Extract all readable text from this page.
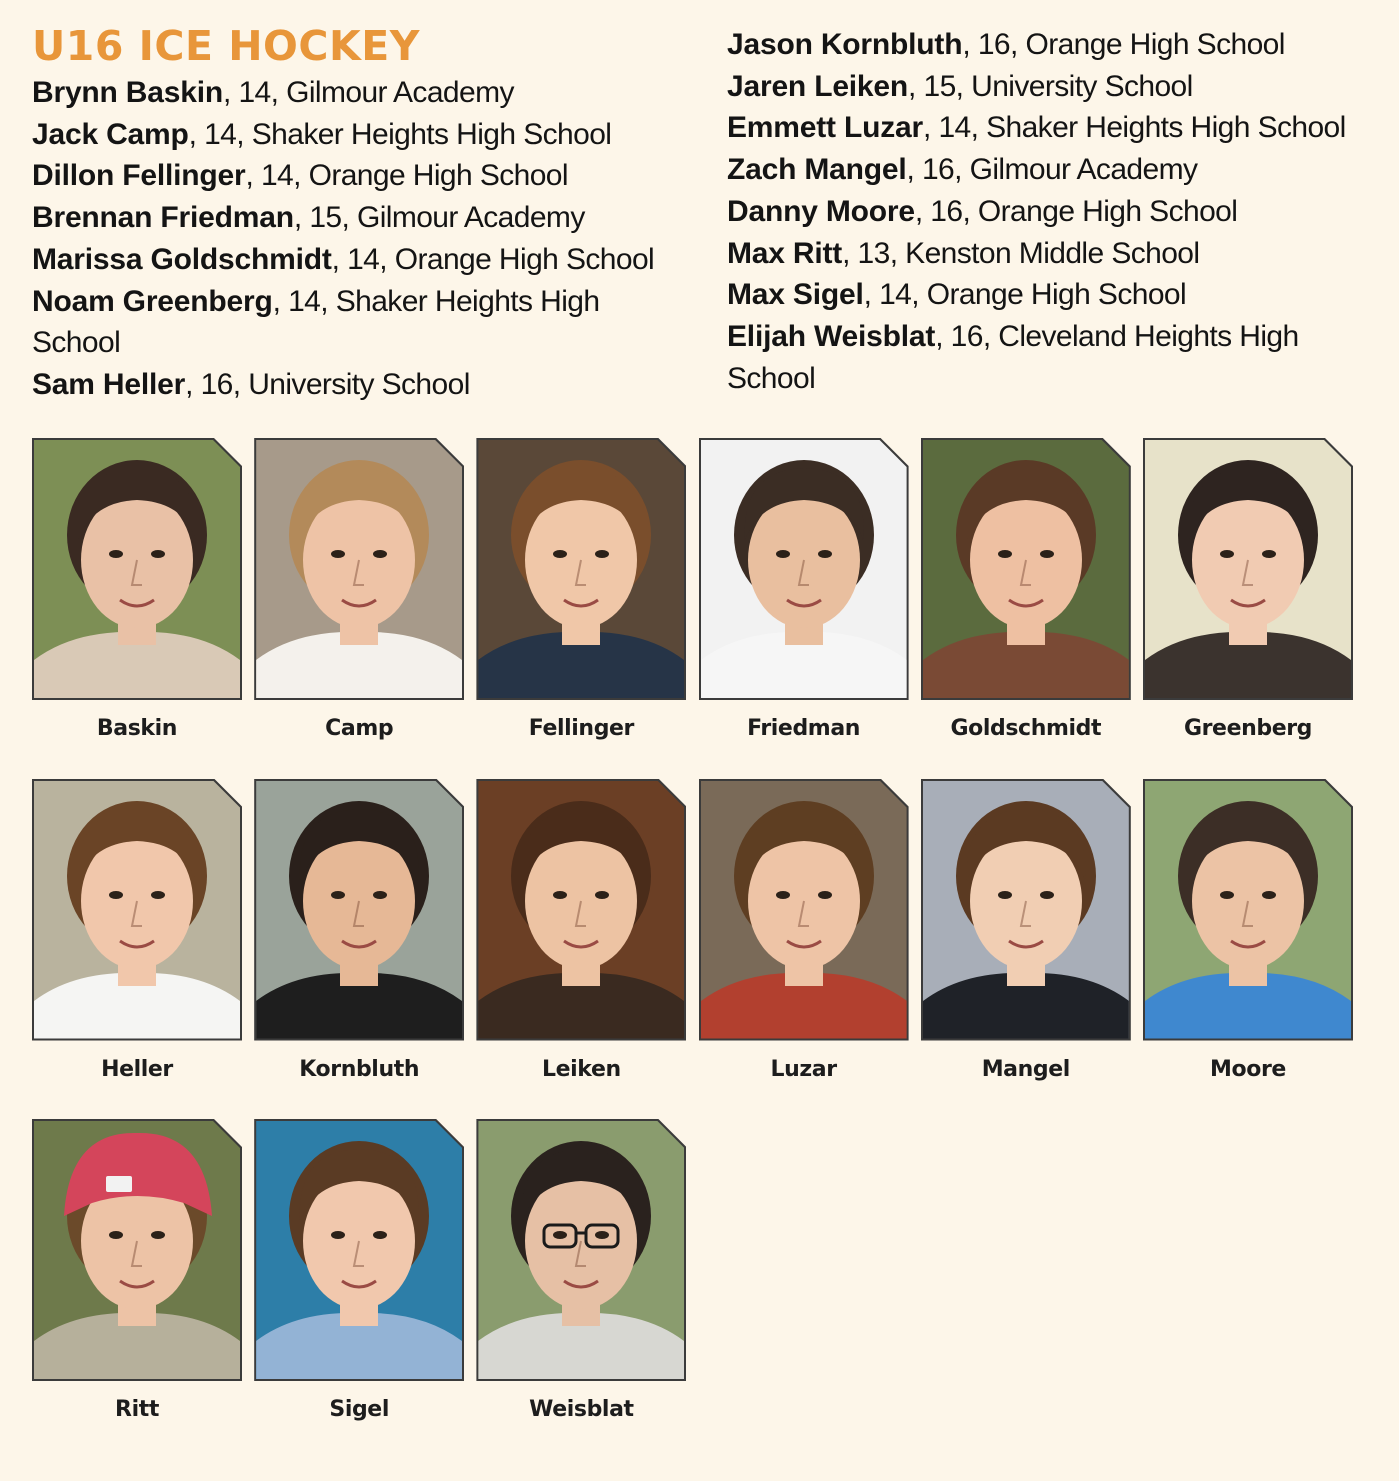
U16 ICE HOCKEY

Brynn Baskin, 14, Gilmour Academy

Jack Camp, 14, Shaker Heights High School

Dillon Fellinger, 14, Orange High School

Brennan Friedman, 15, Gilmour Academy

Marissa Goldschmidt, 14, Orange High School

Noam Greenberg, 14, Shaker Heights High School

Sam Heller, 16, University School

Jason Kornbluth, 16, Orange High School

Jaren Leiken, 15, University School

Emmett Luzar, 14, Shaker Heights High School

Zach Mangel, 16, Gilmour Academy

Danny Moore, 16, Orange High School

Max Ritt, 13, Kenston Middle School

Max Sigel, 14, Orange High School

Elijah Weisblat, 16, Cleveland Heights High School

Baskin	Camp	Fellinger	Friedman	Goldschmidt	Greenberg
Heller	Kornbluth	Leiken	Luzar	Mangel	Moore
Ritt	Sigel	Weisblat
